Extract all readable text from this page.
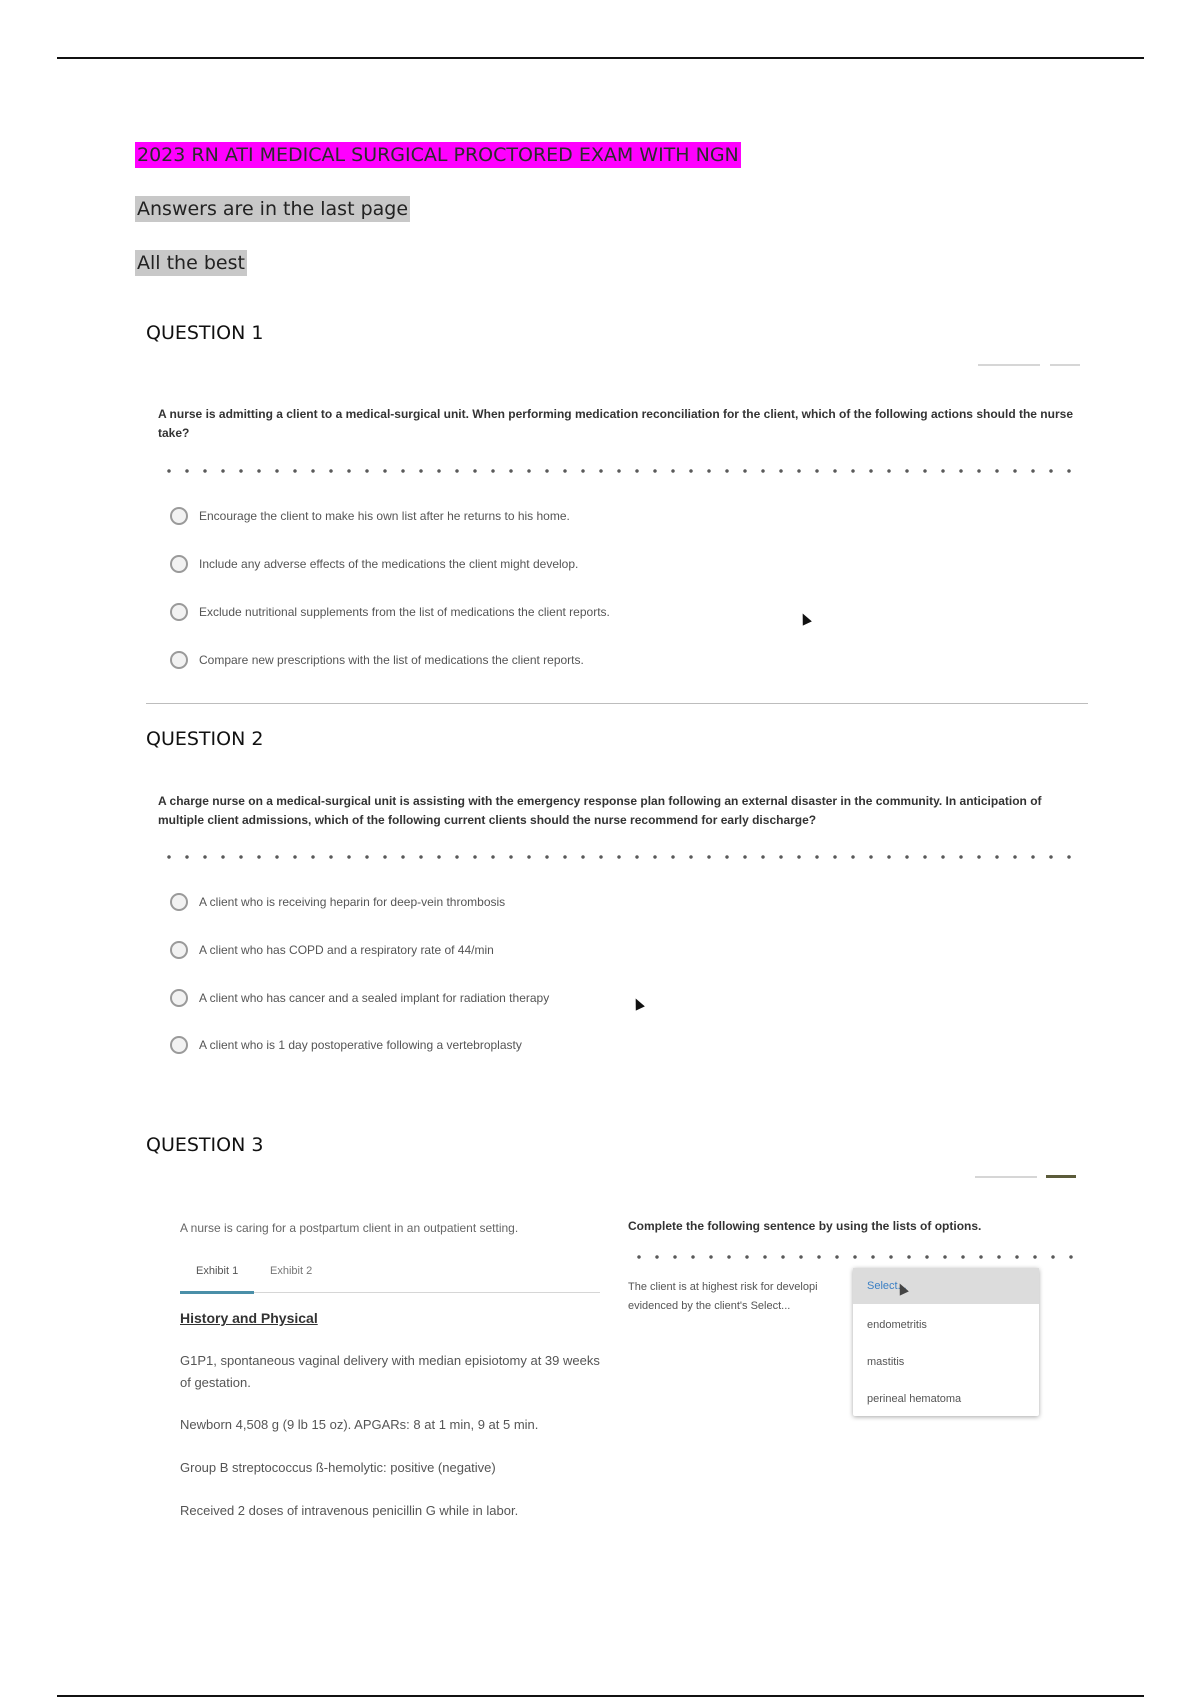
2023 RN ATI MEDICAL SURGICAL PROCTORED EXAM WITH NGN
Answers are in the last page
All the best
QUESTION 1
A nurse is admitting a client to a medical-surgical unit. When performing medication reconciliation for the client, which of the following actions should the nurse take?
Encourage the client to make his own list after he returns to his home.
Include any adverse effects of the medications the client might develop.
Exclude nutritional supplements from the list of medications the client reports.
Compare new prescriptions with the list of medications the client reports.
QUESTION 2
A charge nurse on a medical-surgical unit is assisting with the emergency response plan following an external disaster in the community. In anticipation of multiple client admissions, which of the following current clients should the nurse recommend for early discharge?
A client who is receiving heparin for deep-vein thrombosis
A client who has COPD and a respiratory rate of 44/min
A client who has cancer and a sealed implant for radiation therapy
A client who is 1 day postoperative following a vertebroplasty
QUESTION 3
A nurse is caring for a postpartum client in an outpatient setting.
Exhibit 1	Exhibit 2
History and Physical
G1P1, spontaneous vaginal delivery with median episiotomy at 39 weeks of gestation.
Newborn 4,508 g (9 lb 15 oz). APGARs: 8 at 1 min, 9 at 5 min.
Group B streptococcus ß-hemolytic: positive (negative)
Received 2 doses of intravenous penicillin G while in labor.
Complete the following sentence by using the lists of options.
The client is at highest risk for developi
evidenced by the client's Select...
Select...
endometritis
mastitis
perineal hematoma
